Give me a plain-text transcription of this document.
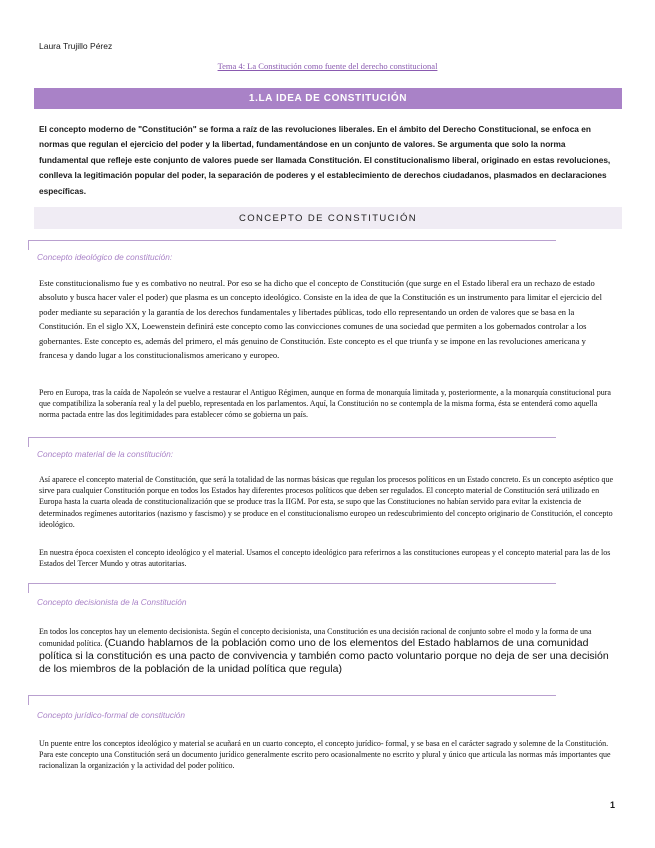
Laura Trujillo Pérez
Tema 4: La Constitución como fuente del derecho constitucional
1.LA IDEA DE CONSTITUCIÓN
El concepto moderno de "Constitución" se forma a raíz de las revoluciones liberales. En el ámbito del Derecho Constitucional, se enfoca en normas que regulan el ejercicio del poder y la libertad, fundamentándose en un conjunto de valores. Se argumenta que solo la norma fundamental que refleje este conjunto de valores puede ser llamada Constitución. El constitucionalismo liberal, originado en estas revoluciones, conlleva la legitimación popular del poder, la separación de poderes y el establecimiento de derechos ciudadanos, plasmados en declaraciones específicas.
CONCEPTO DE CONSTITUCIÓN
Concepto ideológico de constitución:
Este constitucionalismo fue y es combativo no neutral. Por eso se ha dicho que el concepto de Constitución (que surge en el Estado liberal era un rechazo de estado absoluto y busca hacer valer el poder) que plasma es un concepto ideológico. Consiste en la idea de que la Constitución es un instrumento para limitar el ejercicio del poder mediante su separación y la garantía de los derechos fundamentales y libertades públicas, todo ello representando un orden de valores que se basa en la Constitución. En el siglo XX, Loewenstein definirá este concepto como las convicciones comunes de una sociedad que permiten a los gobernados controlar a los gobernantes. Este concepto es, además del primero, el más genuino de Constitución. Este concepto es el que triunfa y se impone en las revoluciones americana y francesa y dando lugar a los constitucionalismos americano y europeo.
Pero en Europa, tras la caída de Napoleón se vuelve a restaurar el Antiguo Régimen, aunque en forma de monarquía limitada y, posteriormente, a la monarquía constitucional pura que compatibiliza la soberanía real y la del pueblo, representada en los parlamentos. Aquí, la Constitución no se contempla de la misma forma, ésta se entenderá como aquella norma pactada entre las dos legitimidades para establecer cómo se gobierna un país.
Concepto material de la constitución:
Así aparece el concepto material de Constitución, que será la totalidad de las normas básicas que regulan los procesos políticos en un Estado concreto. Es un concepto aséptico que sirve para cualquier Constitución porque en todos los Estados hay diferentes procesos políticos que deben ser regulados. El concepto material de Constitución será utilizado en Europa hasta la cuarta oleada de constitucionalización que se produce tras la IIGM. Por esta, se supo que las Constituciones no habían servido para evitar la existencia de determinados regímenes autoritarios (nazismo y fascismo) y se produce en el constitucionalismo europeo un redescubrimiento del concepto originario de Constitución, el concepto ideológico.
En nuestra época coexisten el concepto ideológico y el material. Usamos el concepto ideológico para referirnos a las constituciones europeas y el concepto material para las de los Estados del Tercer Mundo y otras autoritarias.
Concepto decisionista de la Constitución
En todos los conceptos hay un elemento decisionista. Según el concepto decisionista, una Constitución es una decisión racional de conjunto sobre el modo y la forma de una comunidad política. (Cuando hablamos de la población como uno de los elementos del Estado hablamos de una comunidad política si la constitución es una pacto de convivencia y también como pacto voluntario porque no deja de ser una decisión de los miembros de la población de la unidad política que regula)
Concepto jurídico-formal de constitución
Un puente entre los conceptos ideológico y material se acuñará en un cuarto concepto, el concepto jurídico- formal, y se basa en el carácter sagrado y solemne de la Constitución. Para este concepto una Constitución será un documento jurídico generalmente escrito pero ocasionalmente no escrito y plural y único que articula las normas más importantes que racionalizan la organización y la actividad del poder político.
1
